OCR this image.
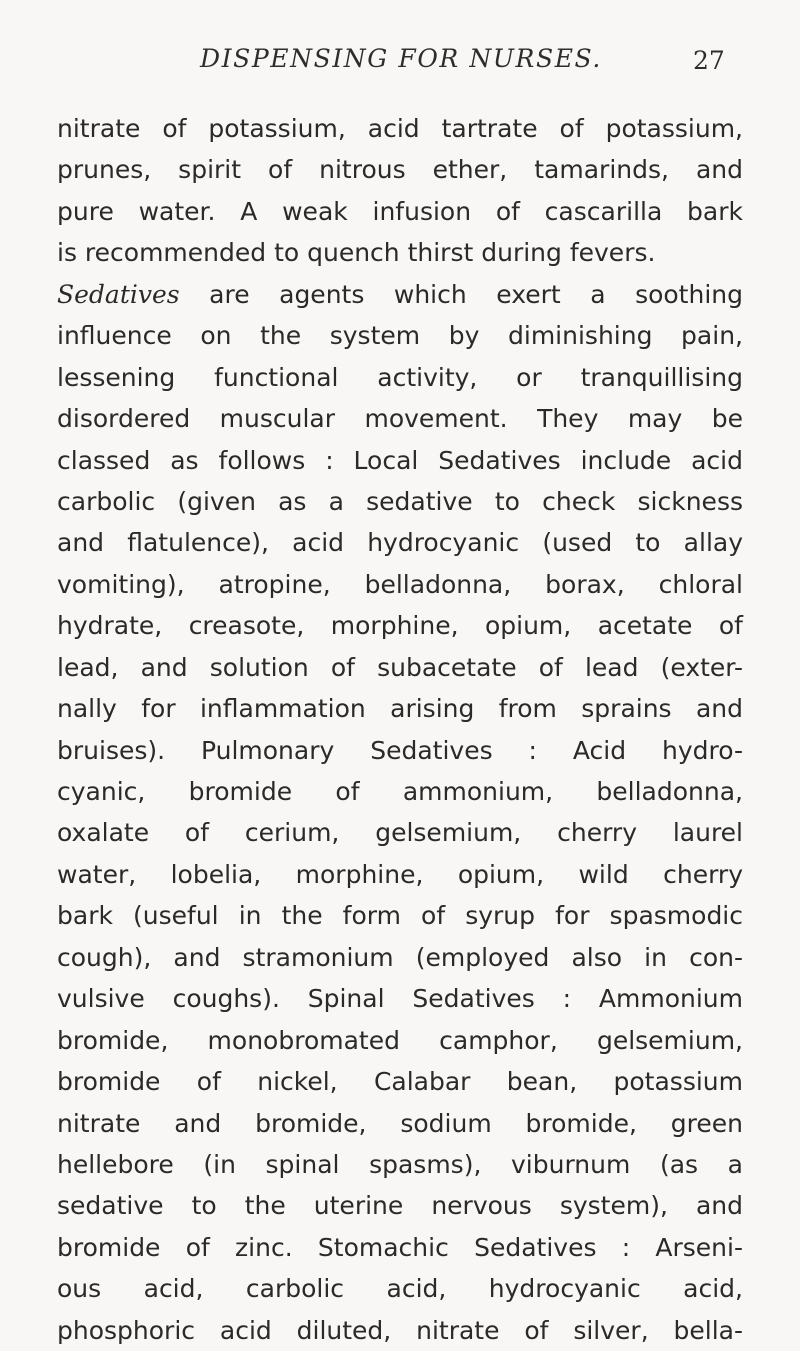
DISPENSING FOR NURSES.	27
nitrate of potassium, acid tartrate of potassium,
prunes, spirit of nitrous ether, tamarinds, and
pure water. A weak infusion of cascarilla bark
is recommended to quench thirst during fevers.
Sedatives are agents which exert a soothing
influence on the system by diminishing pain,
lessening functional activity, or tranquillising
disordered muscular movement. They may be
classed as follows : Local Sedatives include acid
carbolic (given as a sedative to check sickness
and flatulence), acid hydrocyanic (used to allay
vomiting), atropine, belladonna, borax, chloral
hydrate, creasote, morphine, opium, acetate of
lead, and solution of subacetate of lead (exter-
nally for inflammation arising from sprains and
bruises). Pulmonary Sedatives : Acid hydro-
cyanic, bromide of ammonium, belladonna,
oxalate of cerium, gelsemium, cherry laurel
water, lobelia, morphine, opium, wild cherry
bark (useful in the form of syrup for spasmodic
cough), and stramonium (employed also in con-
vulsive coughs). Spinal Sedatives : Ammonium
bromide, monobromated camphor, gelsemium,
bromide of nickel, Calabar bean, potassium
nitrate and bromide, sodium bromide, green
hellebore (in spinal spasms), viburnum (as a
sedative to the uterine nervous system), and
bromide of zinc. Stomachic Sedatives : Arseni-
ous acid, carbolic acid, hydrocyanic acid,
phosphoric acid diluted, nitrate of silver, bella-
